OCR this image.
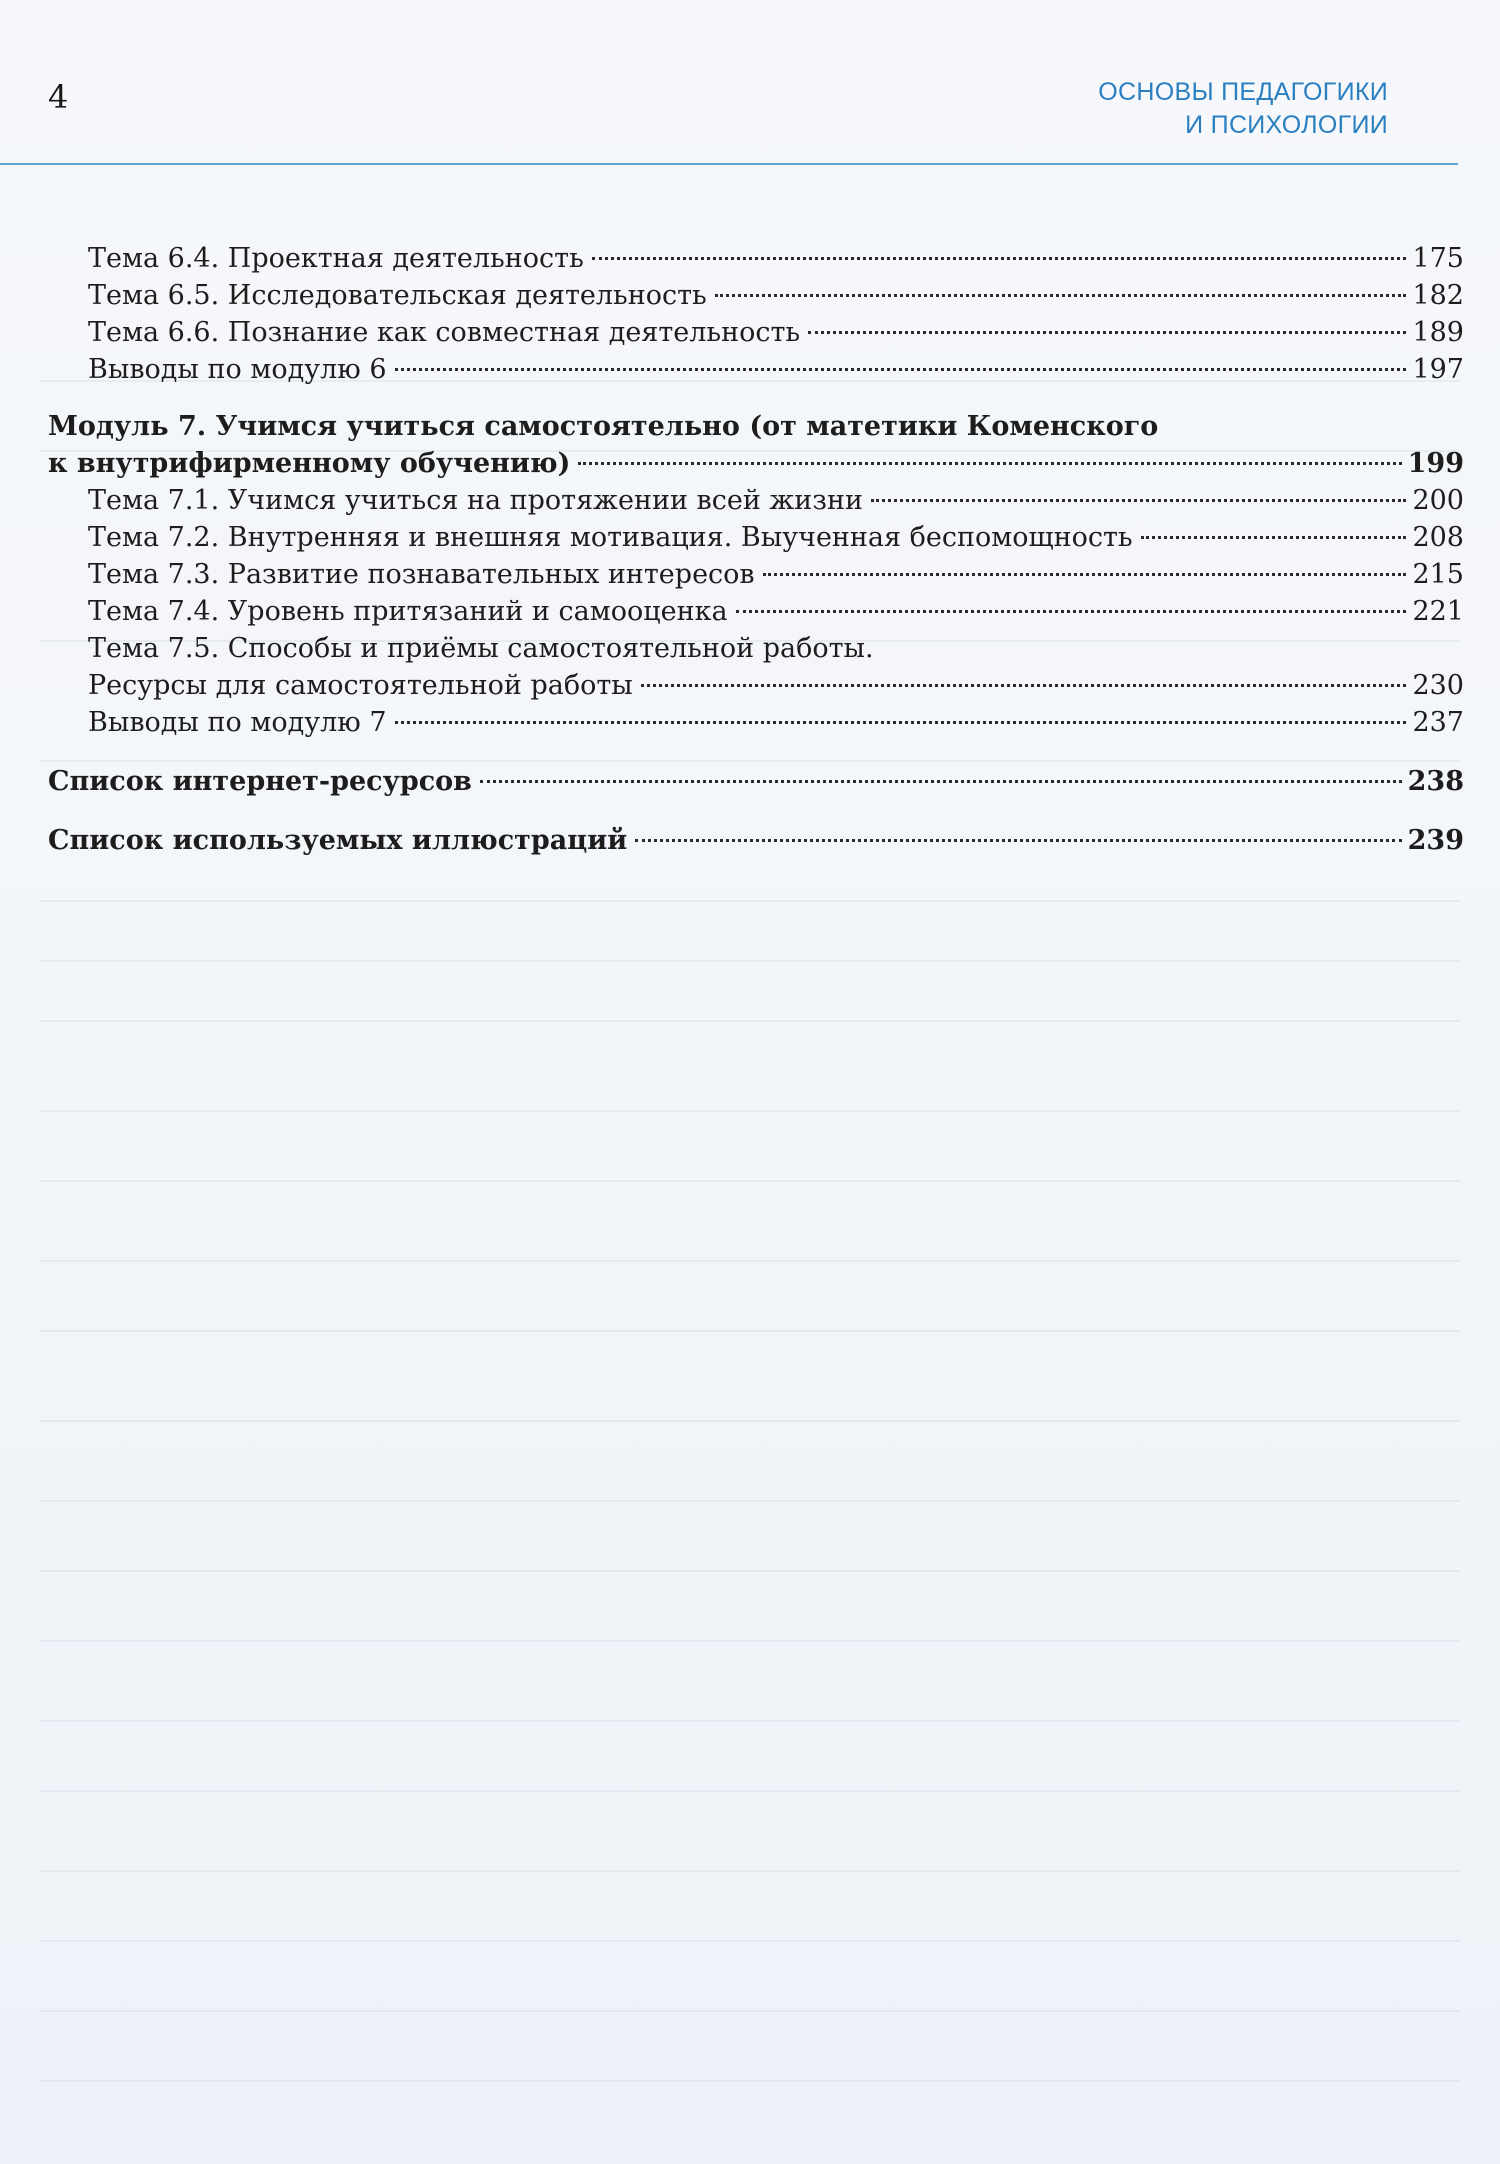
4	ОСНОВЫ ПЕДАГОГИКИ
И ПСИХОЛОГИИ
Тема 6.4. Проектная деятельность	175
Тема 6.5. Исследовательская деятельность	182
Тема 6.6. Познание как совместная деятельность	189
Выводы по модулю 6	197
Модуль 7. Учимся учиться самостоятельно (от матетики Коменского
к внутрифирменному обучению)	199
Тема 7.1. Учимся учиться на протяжении всей жизни	200
Тема 7.2. Внутренняя и внешняя мотивация. Выученная беспомощность	208
Тема 7.3. Развитие познавательных интересов	215
Тема 7.4. Уровень притязаний и самооценка	221
Тема 7.5. Способы и приёмы самостоятельной работы.
Ресурсы для самостоятельной работы	230
Выводы по модулю 7	237
Список интернет-ресурсов	238
Список используемых иллюстраций	239
